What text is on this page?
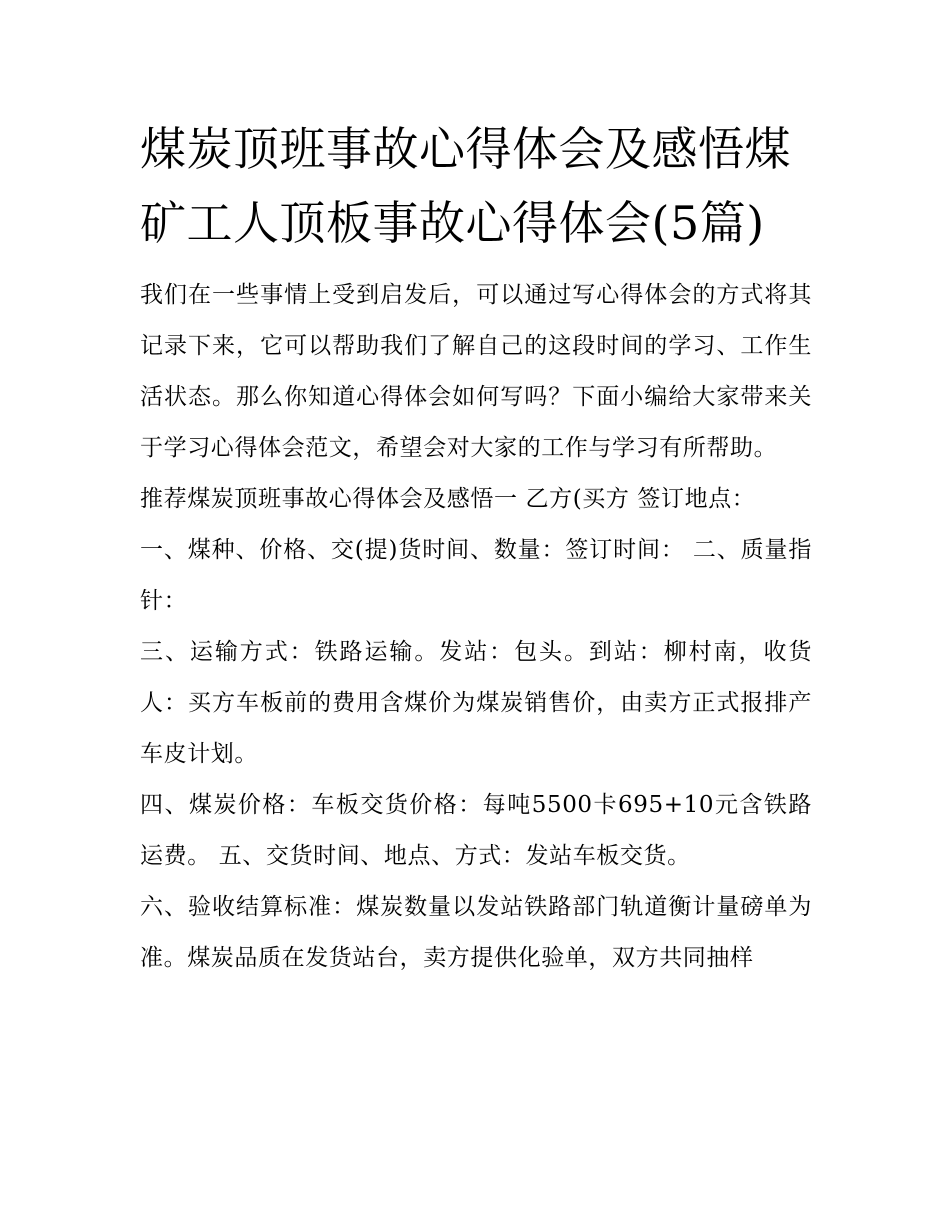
煤炭顶班事故心得体会及感悟煤矿工人顶板事故心得体会(5篇)

我们在一些事情上受到启发后，可以通过写心得体会的方式将其记录下来，它可以帮助我们了解自己的这段时间的学习、工作生活状态。那么你知道心得体会如何写吗？下面小编给大家带来关于学习心得体会范文，希望会对大家的工作与学习有所帮助。

推荐煤炭顶班事故心得体会及感悟一 乙方(买方 签订地点：

一、煤种、价格、交(提)货时间、数量：签订时间： 二、质量指针：

三、运输方式：铁路运输。发站：包头。到站：柳村南，收货人：买方车板前的费用含煤价为煤炭销售价，由卖方正式报排产车皮计划。

四、煤炭价格：车板交货价格：每吨5500卡695+10元含铁路运费。 五、交货时间、地点、方式：发站车板交货。

六、验收结算标准：煤炭数量以发站铁路部门轨道衡计量磅单为准。煤炭品质在发货站台，卖方提供化验单，双方共同抽样
